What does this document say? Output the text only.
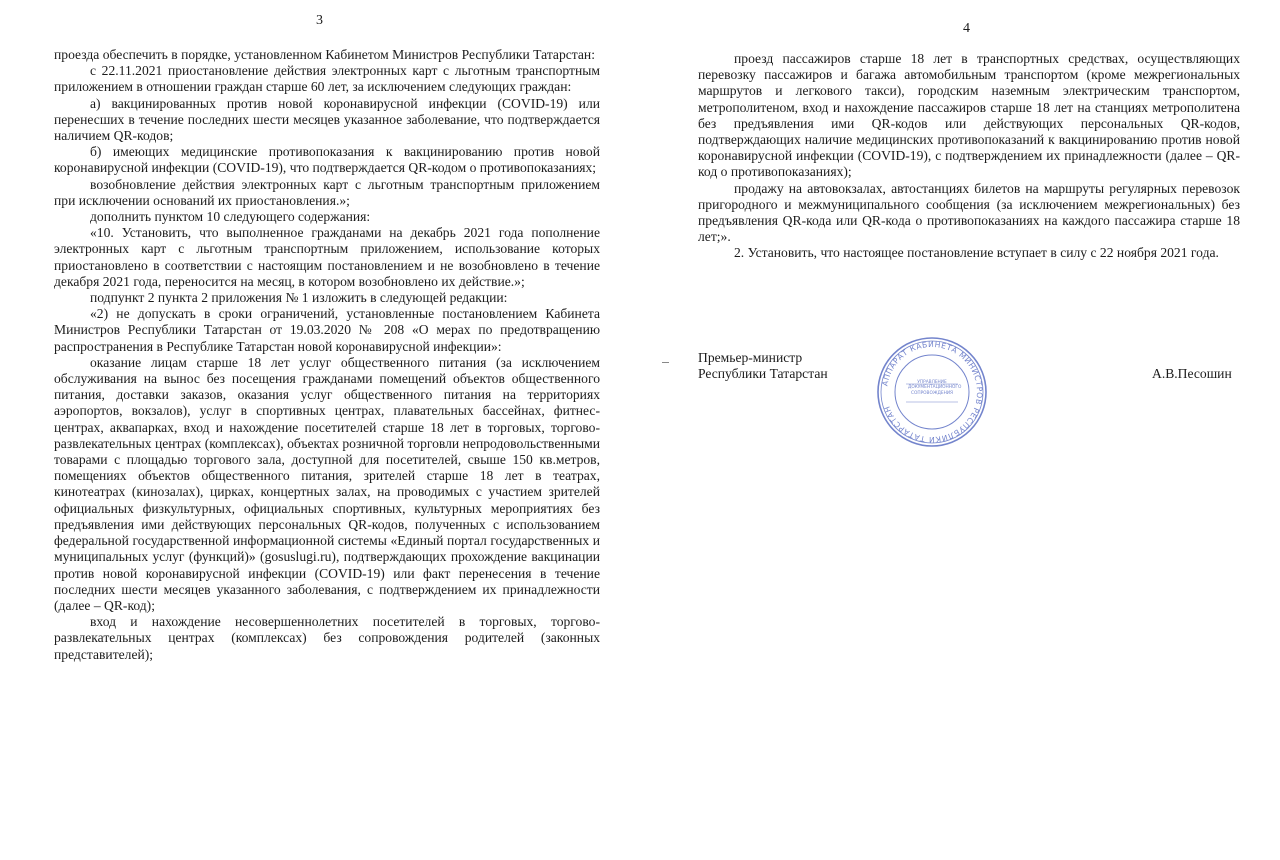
3

проезда обеспечить в порядке, установленном Кабинетом Министров Республики Татарстан:

с 22.11.2021 приостановление действия электронных карт с льготным транспортным приложением в отношении граждан старше 60 лет, за исключением следующих граждан:

а) вакцинированных против новой коронавирусной инфекции (COVID-19) или перенесших в течение последних шести месяцев указанное заболевание, что подтверждается наличием QR-кодов;

б) имеющих медицинские противопоказания к вакцинированию против новой коронавирусной инфекции (COVID-19), что подтверждается QR-кодом о противопоказаниях;

возобновление действия электронных карт с льготным транспортным приложением при исключении оснований их приостановления.»;

дополнить пунктом 10 следующего содержания:

«10. Установить, что выполненное гражданами на декабрь 2021 года пополнение электронных карт с льготным транспортным приложением, использование которых приостановлено в соответствии с настоящим постановлением и не возобновлено в течение декабря 2021 года, переносится на месяц, в котором возобновлено их действие.»;

подпункт 2 пункта 2 приложения № 1 изложить в следующей редакции:

«2) не допускать в сроки ограничений, установленные постановлением Кабинета Министров Республики Татарстан от 19.03.2020 № 208 «О мерах по предотвращению распространения в Республике Татарстан новой коронавирусной инфекции»:

оказание лицам старше 18 лет услуг общественного питания (за исключением обслуживания на вынос без посещения гражданами помещений объектов общественного питания, доставки заказов, оказания услуг общественного питания на территориях аэропортов, вокзалов), услуг в спортивных центрах, плавательных бассейнах, фитнес-центрах, аквапарках, вход и нахождение посетителей старше 18 лет в торговых, торгово-развлекательных центрах (комплексах), объектах розничной торговли непродовольственными товарами с площадью торгового зала, доступной для посетителей, свыше 150 кв.метров, помещениях объектов общественного питания, зрителей старше 18 лет в театрах, кинотеатрах (кинозалах), цирках, концертных залах, на проводимых с участием зрителей официальных физкультурных, официальных спортивных, культурных мероприятиях без предъявления ими действующих персональных QR-кодов, полученных с использованием федеральной государственной информационной системы «Единый портал государственных и муниципальных услуг (функций)» (gosuslugi.ru), подтверждающих прохождение вакцинации против новой коронавирусной инфекции (COVID-19) или факт перенесения в течение последних шести месяцев указанного заболевания, с подтверждением их принадлежности (далее – QR-код);

вход и нахождение несовершеннолетних посетителей в торговых, торгово-развлекательных центрах (комплексах) без сопровождения родителей (законных представителей);

4

проезд пассажиров старше 18 лет в транспортных средствах, осуществляющих перевозку пассажиров и багажа автомобильным транспортом (кроме межрегиональных маршрутов и легкового такси), городским наземным электрическим транспортом, метрополитеном, вход и нахождение пассажиров старше 18 лет на станциях метрополитена без предъявления ими QR-кодов или действующих персональных QR-кодов, подтверждающих наличие медицинских противопоказаний к вакцинированию против новой коронавирусной инфекции (COVID-19), с подтверждением их принадлежности (далее – QR-код о противопоказаниях);

продажу на автовокзалах, автостанциях билетов на маршруты регулярных перевозок пригородного и межмуниципального сообщения (за исключением межрегиональных) без предъявления QR-кода или QR-кода о противопоказаниях на каждого пассажира старше 18 лет;».

2. Установить, что настоящее постановление вступает в силу с 22 ноября 2021 года.

Премьер-министр

Республики Татарстан	А.В.Песошин
АППАРАТ КАБИНЕТА МИНИСТРОВ РЕСПУБЛИКИ ТАТАРСТАН
УПРАВЛЕНИЕ ДОКУМЕНТАЦИОННОГО СОПРОВОЖДЕНИЯ
